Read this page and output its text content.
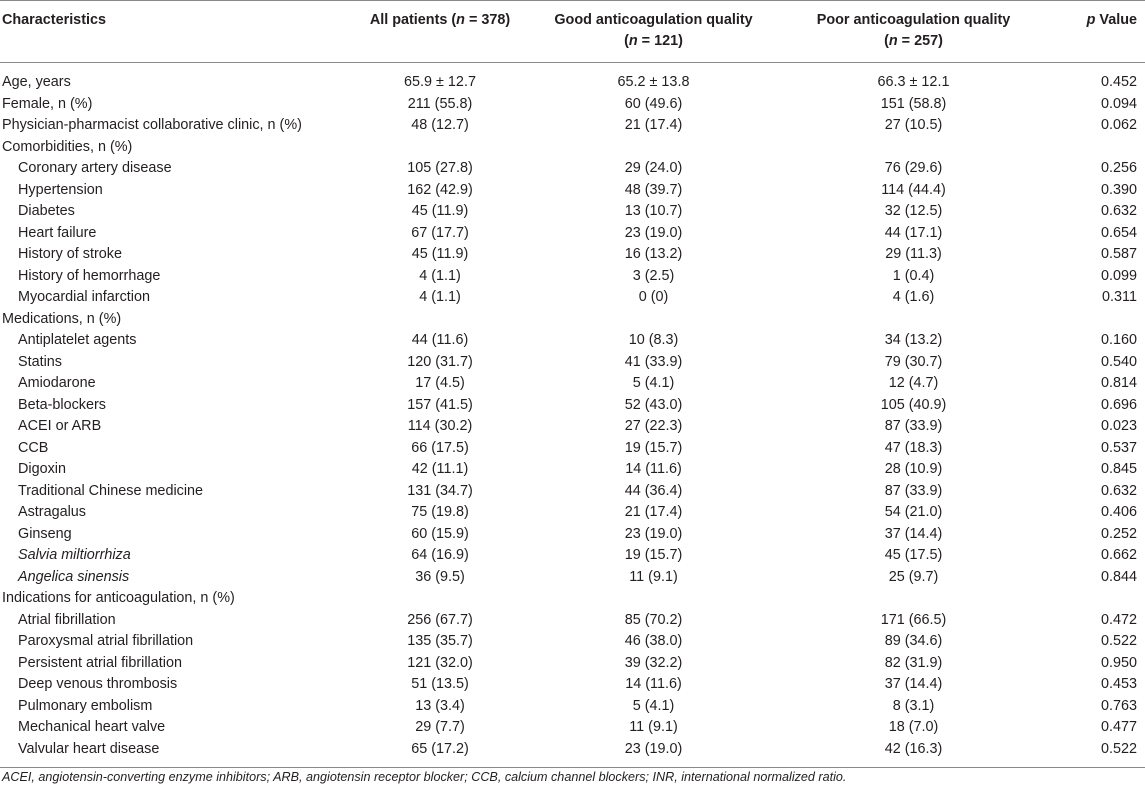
Characteristics	All patients (n = 378)	Good anticoagulation quality	Poor anticoagulation quality	p Value
		(n = 121)	(n = 257)	
Age, years	65.9 ± 12.7	65.2 ± 13.8	66.3 ± 12.1	0.452
Female, n (%)	211 (55.8)	60 (49.6)	151 (58.8)	0.094
Physician-pharmacist collaborative clinic, n (%)	48 (12.7)	21 (17.4)	27 (10.5)	0.062
Comorbidities, n (%)				
Coronary artery disease	105 (27.8)	29 (24.0)	76 (29.6)	0.256
Hypertension	162 (42.9)	48 (39.7)	114 (44.4)	0.390
Diabetes	45 (11.9)	13 (10.7)	32 (12.5)	0.632
Heart failure	67 (17.7)	23 (19.0)	44 (17.1)	0.654
History of stroke	45 (11.9)	16 (13.2)	29 (11.3)	0.587
History of hemorrhage	4 (1.1)	3 (2.5)	1 (0.4)	0.099
Myocardial infarction	4 (1.1)	0 (0)	4 (1.6)	0.311
Medications, n (%)				
Antiplatelet agents	44 (11.6)	10 (8.3)	34 (13.2)	0.160
Statins	120 (31.7)	41 (33.9)	79 (30.7)	0.540
Amiodarone	17 (4.5)	5 (4.1)	12 (4.7)	0.814
Beta-blockers	157 (41.5)	52 (43.0)	105 (40.9)	0.696
ACEI or ARB	114 (30.2)	27 (22.3)	87 (33.9)	0.023
CCB	66 (17.5)	19 (15.7)	47 (18.3)	0.537
Digoxin	42 (11.1)	14 (11.6)	28 (10.9)	0.845
Traditional Chinese medicine	131 (34.7)	44 (36.4)	87 (33.9)	0.632
Astragalus	75 (19.8)	21 (17.4)	54 (21.0)	0.406
Ginseng	60 (15.9)	23 (19.0)	37 (14.4)	0.252
Salvia miltiorrhiza	64 (16.9)	19 (15.7)	45 (17.5)	0.662
Angelica sinensis	36 (9.5)	11 (9.1)	25 (9.7)	0.844
Indications for anticoagulation, n (%)				
Atrial fibrillation	256 (67.7)	85 (70.2)	171 (66.5)	0.472
Paroxysmal atrial fibrillation	135 (35.7)	46 (38.0)	89 (34.6)	0.522
Persistent atrial fibrillation	121 (32.0)	39 (32.2)	82 (31.9)	0.950
Deep venous thrombosis	51 (13.5)	14 (11.6)	37 (14.4)	0.453
Pulmonary embolism	13 (3.4)	5 (4.1)	8 (3.1)	0.763
Mechanical heart valve	29 (7.7)	11 (9.1)	18 (7.0)	0.477
Valvular heart disease	65 (17.2)	23 (19.0)	42 (16.3)	0.522
ACEI, angiotensin-converting enzyme inhibitors; ARB, angiotensin receptor blocker; CCB, calcium channel blockers; INR, international normalized ratio.
